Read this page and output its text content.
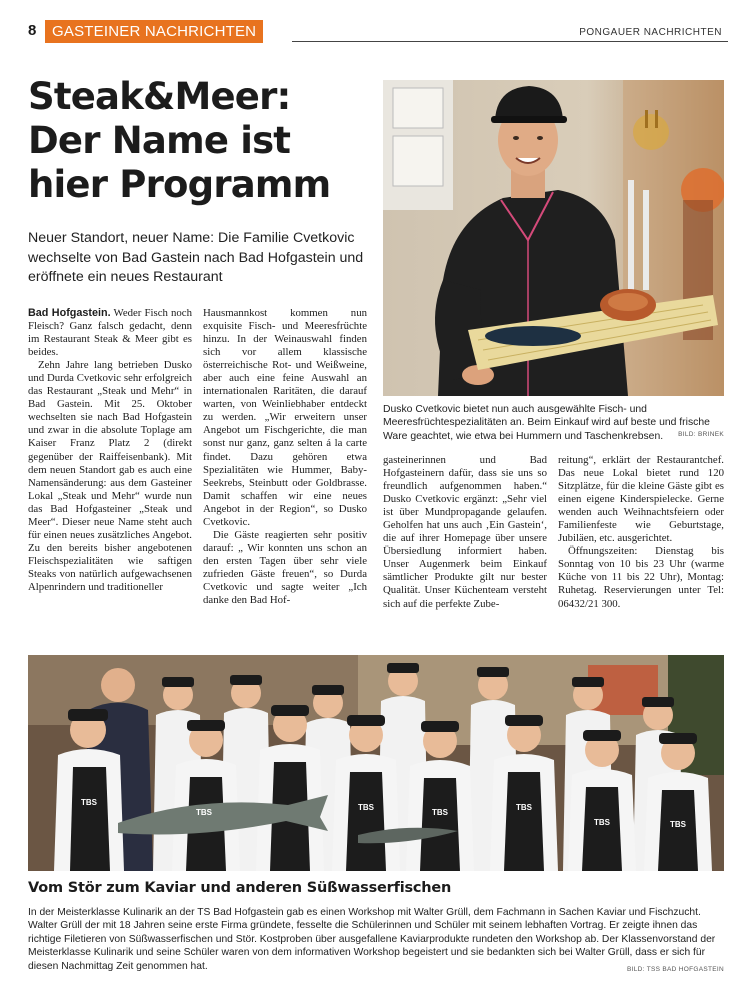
8	GASTEINER NACHRICHTEN	PONGAUER NACHRICHTEN
Steak&Meer:
Der Name ist
hier Programm
Neuer Standort, neuer Name: Die Familie Cvetkovic wechselte von Bad Gastein nach Bad Hofgastein und eröffnete ein neues Restaurant

Bad Hofgastein. Weder Fisch noch Fleisch? Ganz falsch gedacht, denn im Restaurant Steak & Meer gibt es beides.

Zehn Jahre lang betrieben Dusko und Durda Cvetkovic sehr erfolgreich das Restaurant „Steak und Mehr“ in Bad Gastein. Mit 25. Oktober wechselten sie nach Bad Hofgastein und zwar in die absolute Toplage am Kaiser Franz Platz 2 (direkt gegenüber der Raiffeisenbank). Mit dem neuen Standort gab es auch eine Namensänderung: aus dem Gasteiner Lokal „Steak und Mehr“ wurde nun das Bad Hofgasteiner „Steak und Meer“. Dieser neue Name steht auch für einen neues zusätzliches Angebot. Zu den bereits bisher angebotenen Fleischspezialitäten wie saftigen Steaks von natürlich aufgewachsenen Alpenrindern und traditioneller

Hausmannkost kommen nun exquisite Fisch- und Meeresfrüchte hinzu. In der Weinauswahl finden sich vor allem klassische österreichische Rot- und Weißweine, aber auch eine feine Auswahl an internationalen Raritäten, die darauf warten, von Weinliebhaber entdeckt zu werden. „Wir erweitern unser Angebot um Fischgerichte, die man sonst nur ganz, ganz selten á la carte findet. Dazu gehören etwa Spezialitäten wie Hummer, Baby-Seekrebs, Steinbutt oder Goldbrasse. Damit schaffen wir eine neues Angebot in der Region“, so Dusko Cvetkovic.

Die Gäste reagierten sehr positiv darauf: „ Wir konnten uns schon an den ersten Tagen über sehr viele zufrieden Gäste freuen“, so Durda Cvetkovic und sagte weiter „Ich danke den Bad Hof-

gasteinerinnen und Bad Hofgasteinern dafür, dass sie uns so freundlich aufgenommen haben.“ Dusko Cvetkovic ergänzt: „Sehr viel ist über Mundpropagande gelaufen. Geholfen hat uns auch ‚Ein Gastein‘, die auf ihrer Homepage über unsere Übersiedlung informiert haben. Unser Augenmerk beim Einkauf sämtlicher Produkte gilt nur bester Qualität. Unser Küchenteam versteht sich auf die perfekte Zube-

reitung“, erklärt der Restaurantchef. Das neue Lokal bietet rund 120 Sitzplätze, für die kleine Gäste gibt es einen eigene Kinderspielecke. Gerne wenden auch Weihnachtsfeiern oder Familienfeste wie Geburtstage, Jubiläen, etc. ausgerichtet.

Öffnungszeiten: Dienstag bis Sonntag von 10 bis 23 Uhr (warme Küche von 11 bis 22 Uhr), Montag: Ruhetag. Reservierungen unter Tel: 06432/21 300.

Dusko Cvetkovic bietet nun auch ausgewählte Fisch- und Meeresfrüchtespezialitäten an. Beim Einkauf wird auf beste und frische Ware geachtet, wie etwa bei Hummern und Taschenkrebsen.	BILD: BRINEK
TBS
TBS
TBS
TBS
TBS
TBS	TBS
Vom Stör zum Kaviar und anderen Süßwasserfischen
In der Meisterklasse Kulinarik an der TS Bad Hofgastein gab es einen Workshop mit Walter Grüll, dem Fachmann in Sachen Kaviar und Fischzucht. Walter Grüll der mit 18 Jahren seine erste Firma gründete, fesselte die Schülerinnen und Schüler mit seinem lebhaften Vortrag. Er zeigte ihnen das richtige Filetieren von Süßwasserfischen und Stör. Kostproben über ausgefallene Kaviarprodukte rundeten den Workshop ab. Der Klassenvorstand der Meisterklasse Kulinarik und seine Schüler waren von dem informativen Workshop begeistert und sie bedankten sich bei Walter Grüll, dass er sich für diesen Nachmittag Zeit genommen hat.	BILD: TSS BAD HOFGASTEIN
